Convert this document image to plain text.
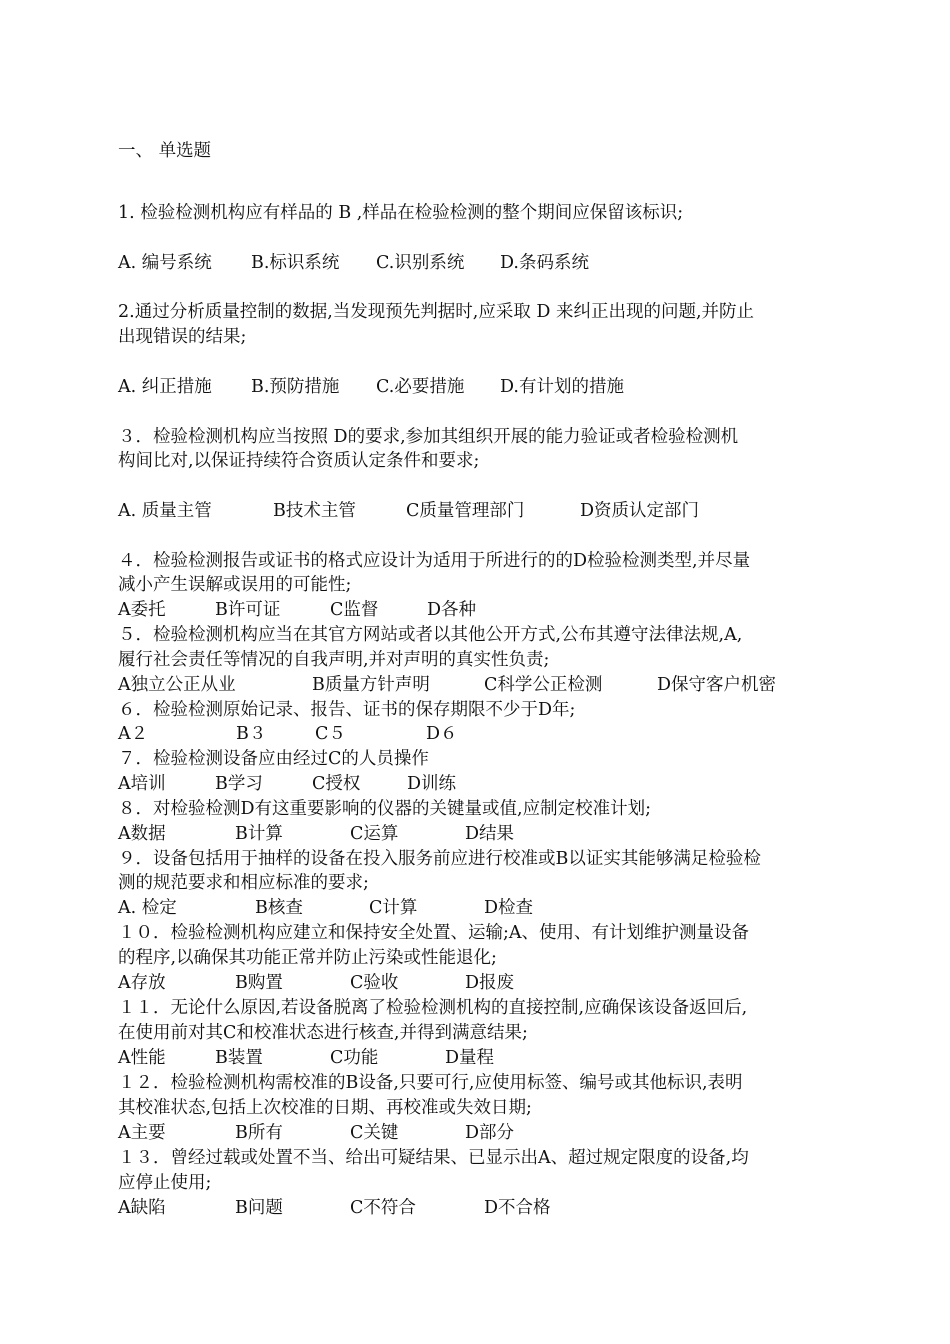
一、 单选题
1. 检验检测机构应有样品的 B ,样品在检验检测的整个期间应保留该标识;
A. 编号系统 B.标识系统 C.识别系统 D.条码系统
2.通过分析质量控制的数据,当发现预先判据时,应采取 D 来纠正出现的问题,并防止
出现错误的结果;
A. 纠正措施 B.预防措施 C.必要措施 D.有计划的措施
３．检验检测机构应当按照 D的要求,参加其组织开展的能力验证或者检验检测机
构间比对,以保证持续符合资质认定条件和要求;
A. 质量主管	B技术主管	C质量管理部门	D资质认定部门
４．检验检测报告或证书的格式应设计为适用于所进行的的D检验检测类型,并尽量
减小产生误解或误用的可能性;
A委托	B许可证	C监督	D各种
５．检验检测机构应当在其官方网站或者以其他公开方式,公布其遵守法律法规,A,
履行社会责任等情况的自我声明,并对声明的真实性负责;
A独立公正从业	B质量方针声明	C科学公正检测	D保守客户机密
６．检验检测原始记录、报告、证书的保存期限不少于D年;
A２	B３	C５	D６
７．检验检测设备应由经过C的人员操作
A培训	B学习	C授权	D训练
８．对检验检测D有这重要影响的仪器的关键量或值,应制定校准计划;
A数据	B计算	C运算	D结果
９．设备包括用于抽样的设备在投入服务前应进行校准或B以证实其能够满足检验检
测的规范要求和相应标准的要求;
A. 检定	B核查	C计算	D检查
１０．检验检测机构应建立和保持安全处置、运输;A、使用、有计划维护测量设备
的程序,以确保其功能正常并防止污染或性能退化;
A存放	B购置	C验收	D报废
１１．无论什么原因,若设备脱离了检验检测机构的直接控制,应确保该设备返回后,
在使用前对其C和校准状态进行核查,并得到满意结果;
A性能	B装置	C功能	D量程
１２．检验检测机构需校准的B设备,只要可行,应使用标签、编号或其他标识,表明
其校准状态,包括上次校准的日期、再校准或失效日期;
A主要	B所有	C关键	D部分
１３．曾经过载或处置不当、给出可疑结果、已显示出A、超过规定限度的设备,均
应停止使用;
A缺陷	B问题	C不符合	D不合格
